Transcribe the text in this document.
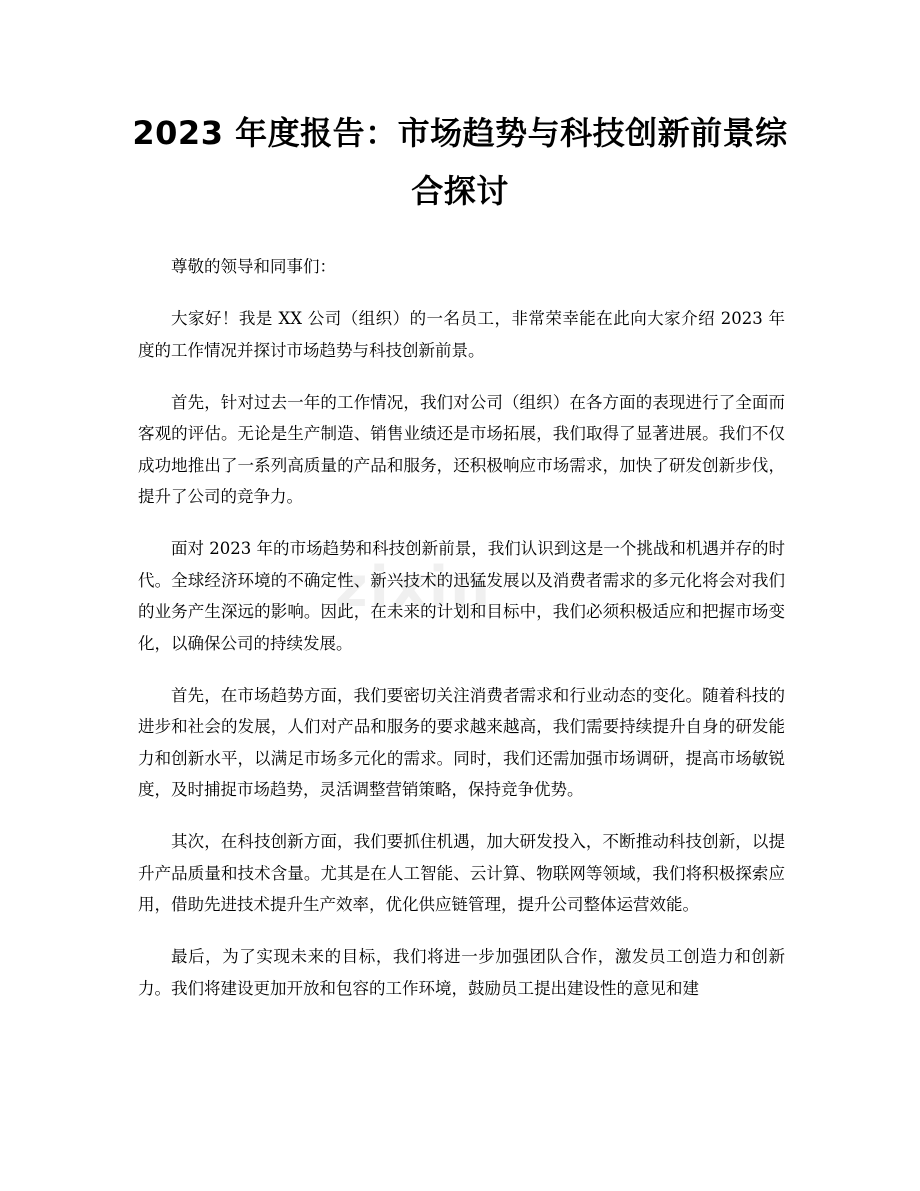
2023 年度报告：市场趋势与科技创新前景综合探讨

尊敬的领导和同事们：

大家好！我是 XX 公司（组织）的一名员工，非常荣幸能在此向大家介绍 2023 年度的工作情况并探讨市场趋势与科技创新前景。

首先，针对过去一年的工作情况，我们对公司（组织）在各方面的表现进行了全面而客观的评估。无论是生产制造、销售业绩还是市场拓展，我们取得了显著进展。我们不仅成功地推出了一系列高质量的产品和服务，还积极响应市场需求，加快了研发创新步伐，提升了公司的竞争力。

面对 2023 年的市场趋势和科技创新前景，我们认识到这是一个挑战和机遇并存的时代。全球经济环境的不确定性、新兴技术的迅猛发展以及消费者需求的多元化将会对我们的业务产生深远的影响。因此，在未来的计划和目标中，我们必须积极适应和把握市场变化，以确保公司的持续发展。

首先，在市场趋势方面，我们要密切关注消费者需求和行业动态的变化。随着科技的进步和社会的发展，人们对产品和服务的要求越来越高，我们需要持续提升自身的研发能力和创新水平，以满足市场多元化的需求。同时，我们还需加强市场调研，提高市场敏锐度，及时捕捉市场趋势，灵活调整营销策略，保持竞争优势。

其次，在科技创新方面，我们要抓住机遇，加大研发投入，不断推动科技创新，以提升产品质量和技术含量。尤其是在人工智能、云计算、物联网等领域，我们将积极探索应用，借助先进技术提升生产效率，优化供应链管理，提升公司整体运营效能。

最后，为了实现未来的目标，我们将进一步加强团队合作，激发员工创造力和创新力。我们将建设更加开放和包容的工作环境，鼓励员工提出建设性的意见和建

zixin
